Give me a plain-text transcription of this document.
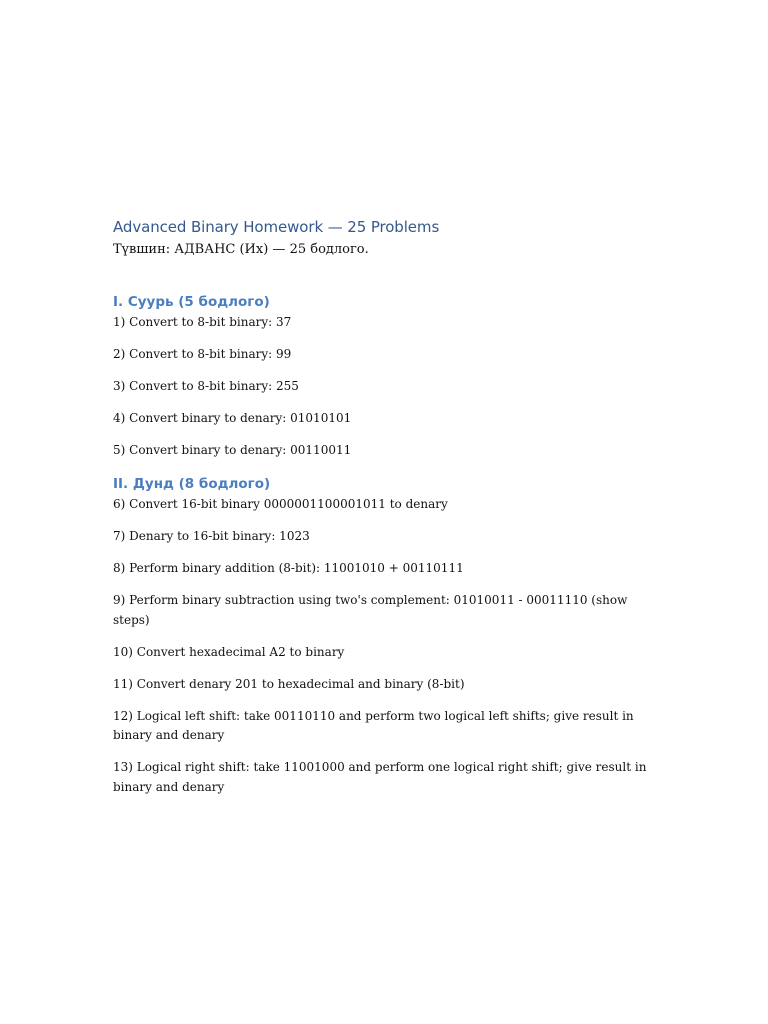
Advanced Binary Homework — 25 Problems

Түвшин: АДВАНС (Их) — 25 бодлого.

I. Суурь (5 бодлого)

1) Convert to 8-bit binary: 37

2) Convert to 8-bit binary: 99

3) Convert to 8-bit binary: 255

4) Convert binary to denary: 01010101

5) Convert binary to denary: 00110011

II. Дунд (8 бодлого)

6) Convert 16-bit binary 0000001100001011 to denary

7) Denary to 16-bit binary: 1023

8) Perform binary addition (8-bit): 11001010 + 00110111

9) Perform binary subtraction using two's complement: 01010011 - 00011110 (show steps)

10) Convert hexadecimal A2 to binary

11) Convert denary 201 to hexadecimal and binary (8-bit)

12) Logical left shift: take 00110110 and perform two logical left shifts; give result in binary and denary

13) Logical right shift: take 11001000 and perform one logical right shift; give result in binary and denary
